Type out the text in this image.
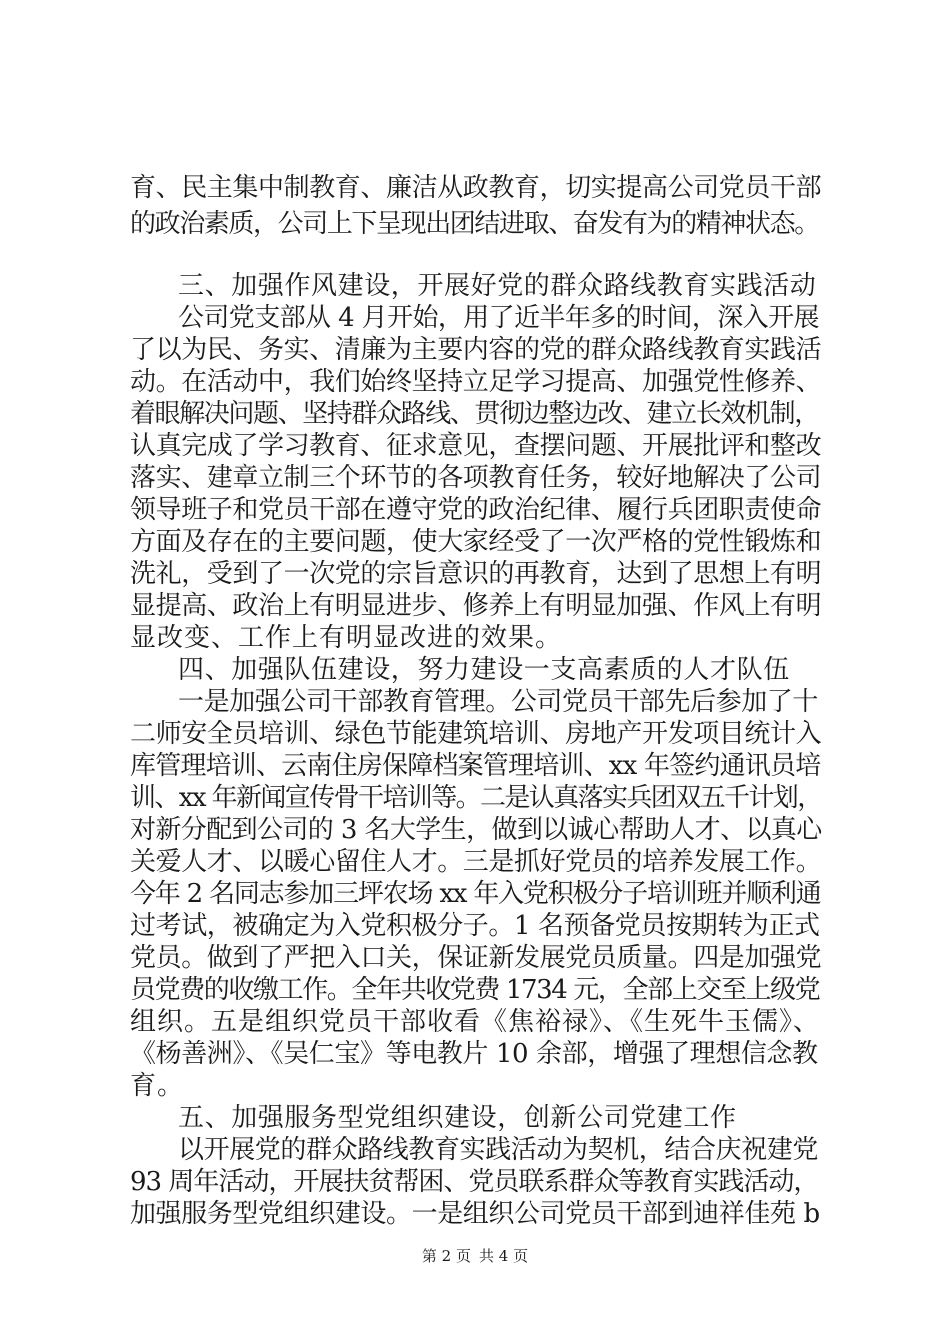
育、民主集中制教育、廉洁从政教育，切实提高公司党员干部
的政治素质，公司上下呈现出团结进取、奋发有为的精神状态。
三、加强作风建设，开展好党的群众路线教育实践活动
公司党支部从 4 月开始，用了近半年多的时间，深入开展
了以为民、务实、清廉为主要内容的党的群众路线教育实践活
动。在活动中，我们始终坚持立足学习提高、加强党性修养、
着眼解决问题、坚持群众路线、贯彻边整边改、建立长效机制，
认真完成了学习教育、征求意见，查摆问题、开展批评和整改
落实、建章立制三个环节的各项教育任务，较好地解决了公司
领导班子和党员干部在遵守党的政治纪律、履行兵团职责使命
方面及存在的主要问题，使大家经受了一次严格的党性锻炼和
洗礼，受到了一次党的宗旨意识的再教育，达到了思想上有明
显提高、政治上有明显进步、修养上有明显加强、作风上有明
显改变、工作上有明显改进的效果。
四、加强队伍建设，努力建设一支高素质的人才队伍
一是加强公司干部教育管理。公司党员干部先后参加了十
二师安全员培训、绿色节能建筑培训、房地产开发项目统计入
库管理培训、云南住房保障档案管理培训、xx 年签约通讯员培
训、xx 年新闻宣传骨干培训等。二是认真落实兵团双五千计划，
对新分配到公司的 3 名大学生，做到以诚心帮助人才、以真心
关爱人才、以暖心留住人才。三是抓好党员的培养发展工作。
今年 2 名同志参加三坪农场 xx 年入党积极分子培训班并顺利通
过考试，被确定为入党积极分子。1 名预备党员按期转为正式
党员。做到了严把入口关，保证新发展党员质量。四是加强党
员党费的收缴工作。全年共收党费 1734 元，全部上交至上级党
组织。五是组织党员干部收看《焦裕禄》、《生死牛玉儒》、
《杨善洲》、《吴仁宝》等电教片 10 余部，增强了理想信念教
育。
五、加强服务型党组织建设，创新公司党建工作
以开展党的群众路线教育实践活动为契机，结合庆祝建党
93 周年活动，开展扶贫帮困、党员联系群众等教育实践活动，
加强服务型党组织建设。一是组织公司党员干部到迪祥佳苑 b
第 2 页 共 4 页
